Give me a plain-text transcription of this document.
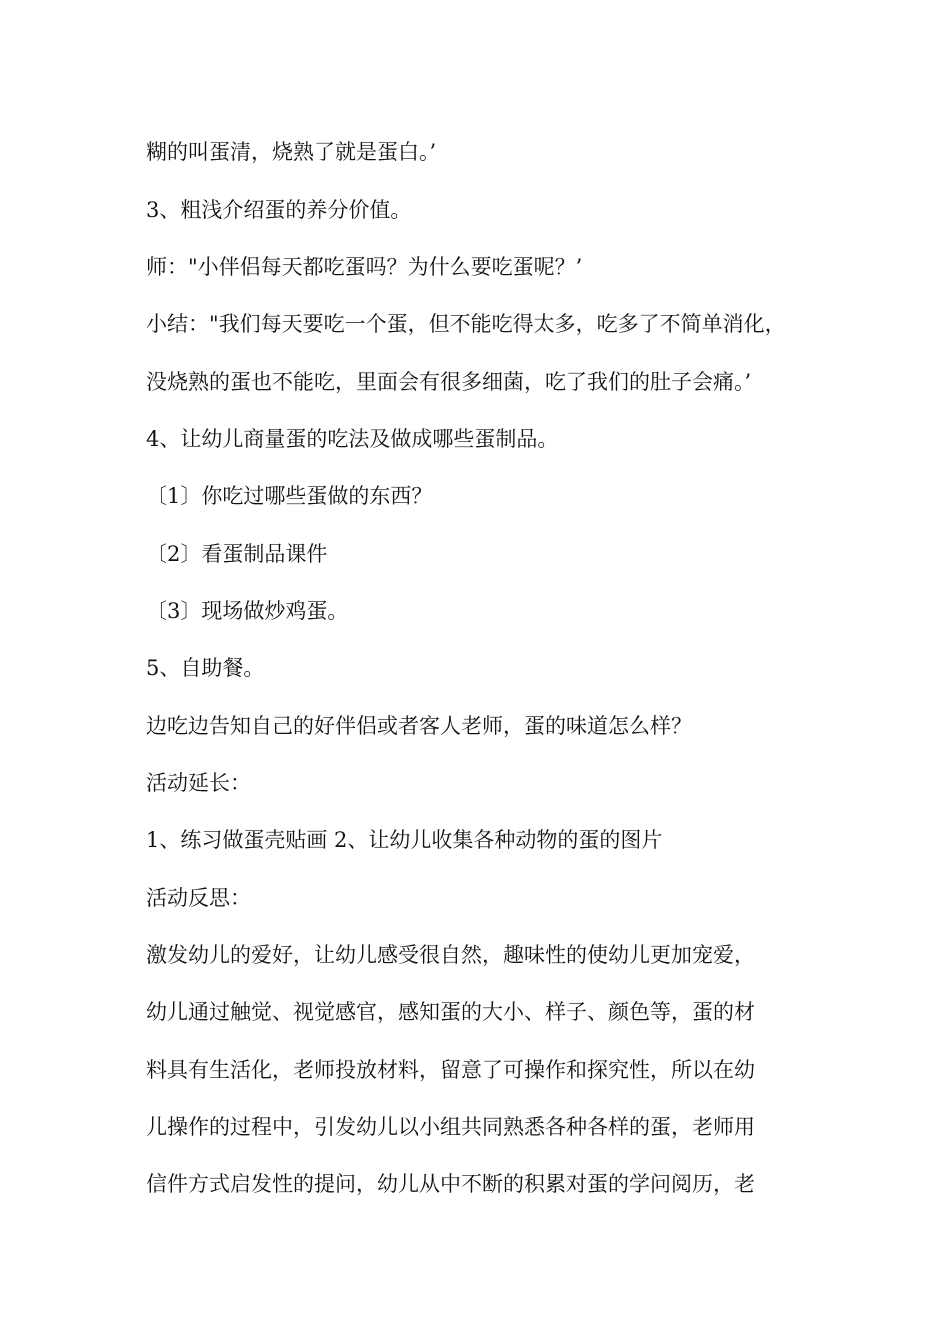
糊的叫蛋清，烧熟了就是蛋白。’
3、粗浅介绍蛋的养分价值。
师："小伴侣每天都吃蛋吗？为什么要吃蛋呢？’
小结："我们每天要吃一个蛋，但不能吃得太多，吃多了不简单消化，
没烧熟的蛋也不能吃，里面会有很多细菌，吃了我们的肚子会痛。’
4、让幼儿商量蛋的吃法及做成哪些蛋制品。
〔1〕你吃过哪些蛋做的东西？
〔2〕看蛋制品课件
〔3〕现场做炒鸡蛋。
5、自助餐。
边吃边告知自己的好伴侣或者客人老师，蛋的味道怎么样？
活动延长：
1、练习做蛋壳贴画 2、让幼儿收集各种动物的蛋的图片
活动反思：
激发幼儿的爱好，让幼儿感受很自然，趣味性的使幼儿更加宠爱，
幼儿通过触觉、视觉感官，感知蛋的大小、样子、颜色等，蛋的材
料具有生活化，老师投放材料，留意了可操作和探究性，所以在幼
儿操作的过程中，引发幼儿以小组共同熟悉各种各样的蛋，老师用
信件方式启发性的提问，幼儿从中不断的积累对蛋的学问阅历，老
